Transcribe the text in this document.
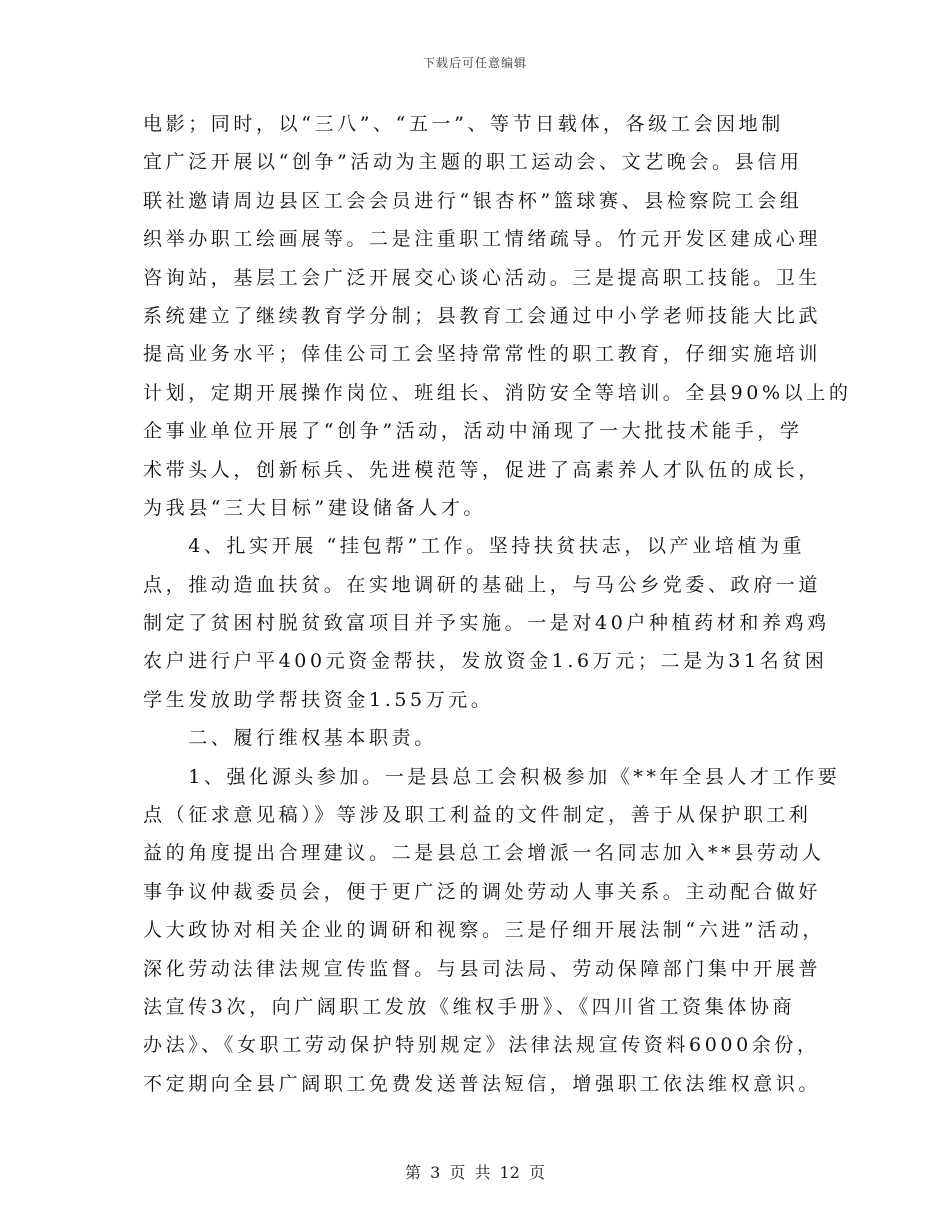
下载后可任意编辑
电影；同时，以“三八”、“五一”、等节日载体，各级工会因地制
宜广泛开展以“创争”活动为主题的职工运动会、文艺晚会。县信用
联社邀请周边县区工会会员进行“银杏杯”篮球赛、县检察院工会组
织举办职工绘画展等。二是注重职工情绪疏导。竹元开发区建成心理
咨询站，基层工会广泛开展交心谈心活动。三是提高职工技能。卫生
系统建立了继续教育学分制；县教育工会通过中小学老师技能大比武
提高业务水平；倖佳公司工会坚持常常性的职工教育，仔细实施培训
计划，定期开展操作岗位、班组长、消防安全等培训。全县90%以上的
企事业单位开展了“创争”活动，活动中涌现了一大批技术能手，学
术带头人，创新标兵、先进模范等，促进了高素养人才队伍的成长，
为我县“三大目标”建设储备人才。
　　4、扎实开展 “挂包帮”工作。坚持扶贫扶志，以产业培植为重
点，推动造血扶贫。在实地调研的基础上，与马公乡党委、政府一道
制定了贫困村脱贫致富项目并予实施。一是对40户种植药材和养鸡鸡
农户进行户平400元资金帮扶，发放资金1.6万元；二是为31名贫困
学生发放助学帮扶资金1.55万元。
　　二、履行维权基本职责。
　　1、强化源头参加。一是县总工会积极参加《**年全县人才工作要
点（征求意见稿）》等涉及职工利益的文件制定，善于从保护职工利
益的角度提出合理建议。二是县总工会增派一名同志加入**县劳动人
事争议仲裁委员会，便于更广泛的调处劳动人事关系。主动配合做好
人大政协对相关企业的调研和视察。三是仔细开展法制“六进”活动，
深化劳动法律法规宣传监督。与县司法局、劳动保障部门集中开展普
法宣传3次，向广阔职工发放《维权手册》、《四川省工资集体协商
办法》、《女职工劳动保护特别规定》法律法规宣传资料6000余份，
不定期向全县广阔职工免费发送普法短信，增强职工依法维权意识。
第 3 页 共 12 页
